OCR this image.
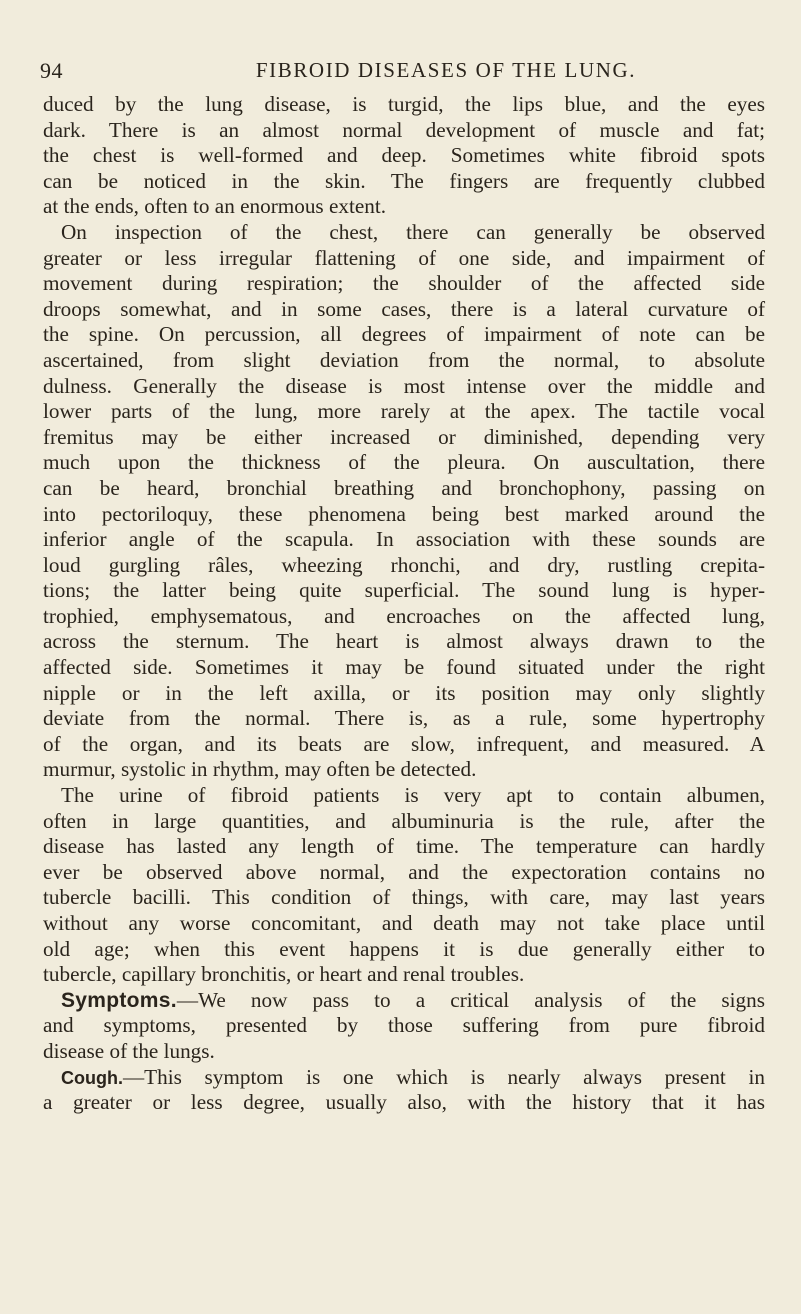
94	FIBROID DISEASES OF THE LUNG.
duced by the lung disease, is turgid, the lips blue, and the eyes
dark. There is an almost normal development of muscle and fat;
the chest is well-formed and deep. Sometimes white fibroid spots
can be noticed in the skin. The fingers are frequently clubbed
at the ends, often to an enormous extent.
On inspection of the chest, there can generally be observed
greater or less irregular flattening of one side, and impairment of
movement during respiration; the shoulder of the affected side
droops somewhat, and in some cases, there is a lateral curvature of
the spine. On percussion, all degrees of impairment of note can be
ascertained, from slight deviation from the normal, to absolute
dulness. Generally the disease is most intense over the middle and
lower parts of the lung, more rarely at the apex. The tactile vocal
fremitus may be either increased or diminished, depending very
much upon the thickness of the pleura. On auscultation, there
can be heard, bronchial breathing and bronchophony, passing on
into pectoriloquy, these phenomena being best marked around the
inferior angle of the scapula. In association with these sounds are
loud gurgling râles, wheezing rhonchi, and dry, rustling crepita-
tions; the latter being quite superficial. The sound lung is hyper-
trophied, emphysematous, and encroaches on the affected lung,
across the sternum. The heart is almost always drawn to the
affected side. Sometimes it may be found situated under the right
nipple or in the left axilla, or its position may only slightly
deviate from the normal. There is, as a rule, some hypertrophy
of the organ, and its beats are slow, infrequent, and measured. A
murmur, systolic in rhythm, may often be detected.
The urine of fibroid patients is very apt to contain albumen,
often in large quantities, and albuminuria is the rule, after the
disease has lasted any length of time. The temperature can hardly
ever be observed above normal, and the expectoration contains no
tubercle bacilli. This condition of things, with care, may last years
without any worse concomitant, and death may not take place until
old age; when this event happens it is due generally either to
tubercle, capillary bronchitis, or heart and renal troubles.
Symptoms.—We now pass to a critical analysis of the signs
and symptoms, presented by those suffering from pure fibroid
disease of the lungs.
Cough.—This symptom is one which is nearly always present in
a greater or less degree, usually also, with the history that it has
